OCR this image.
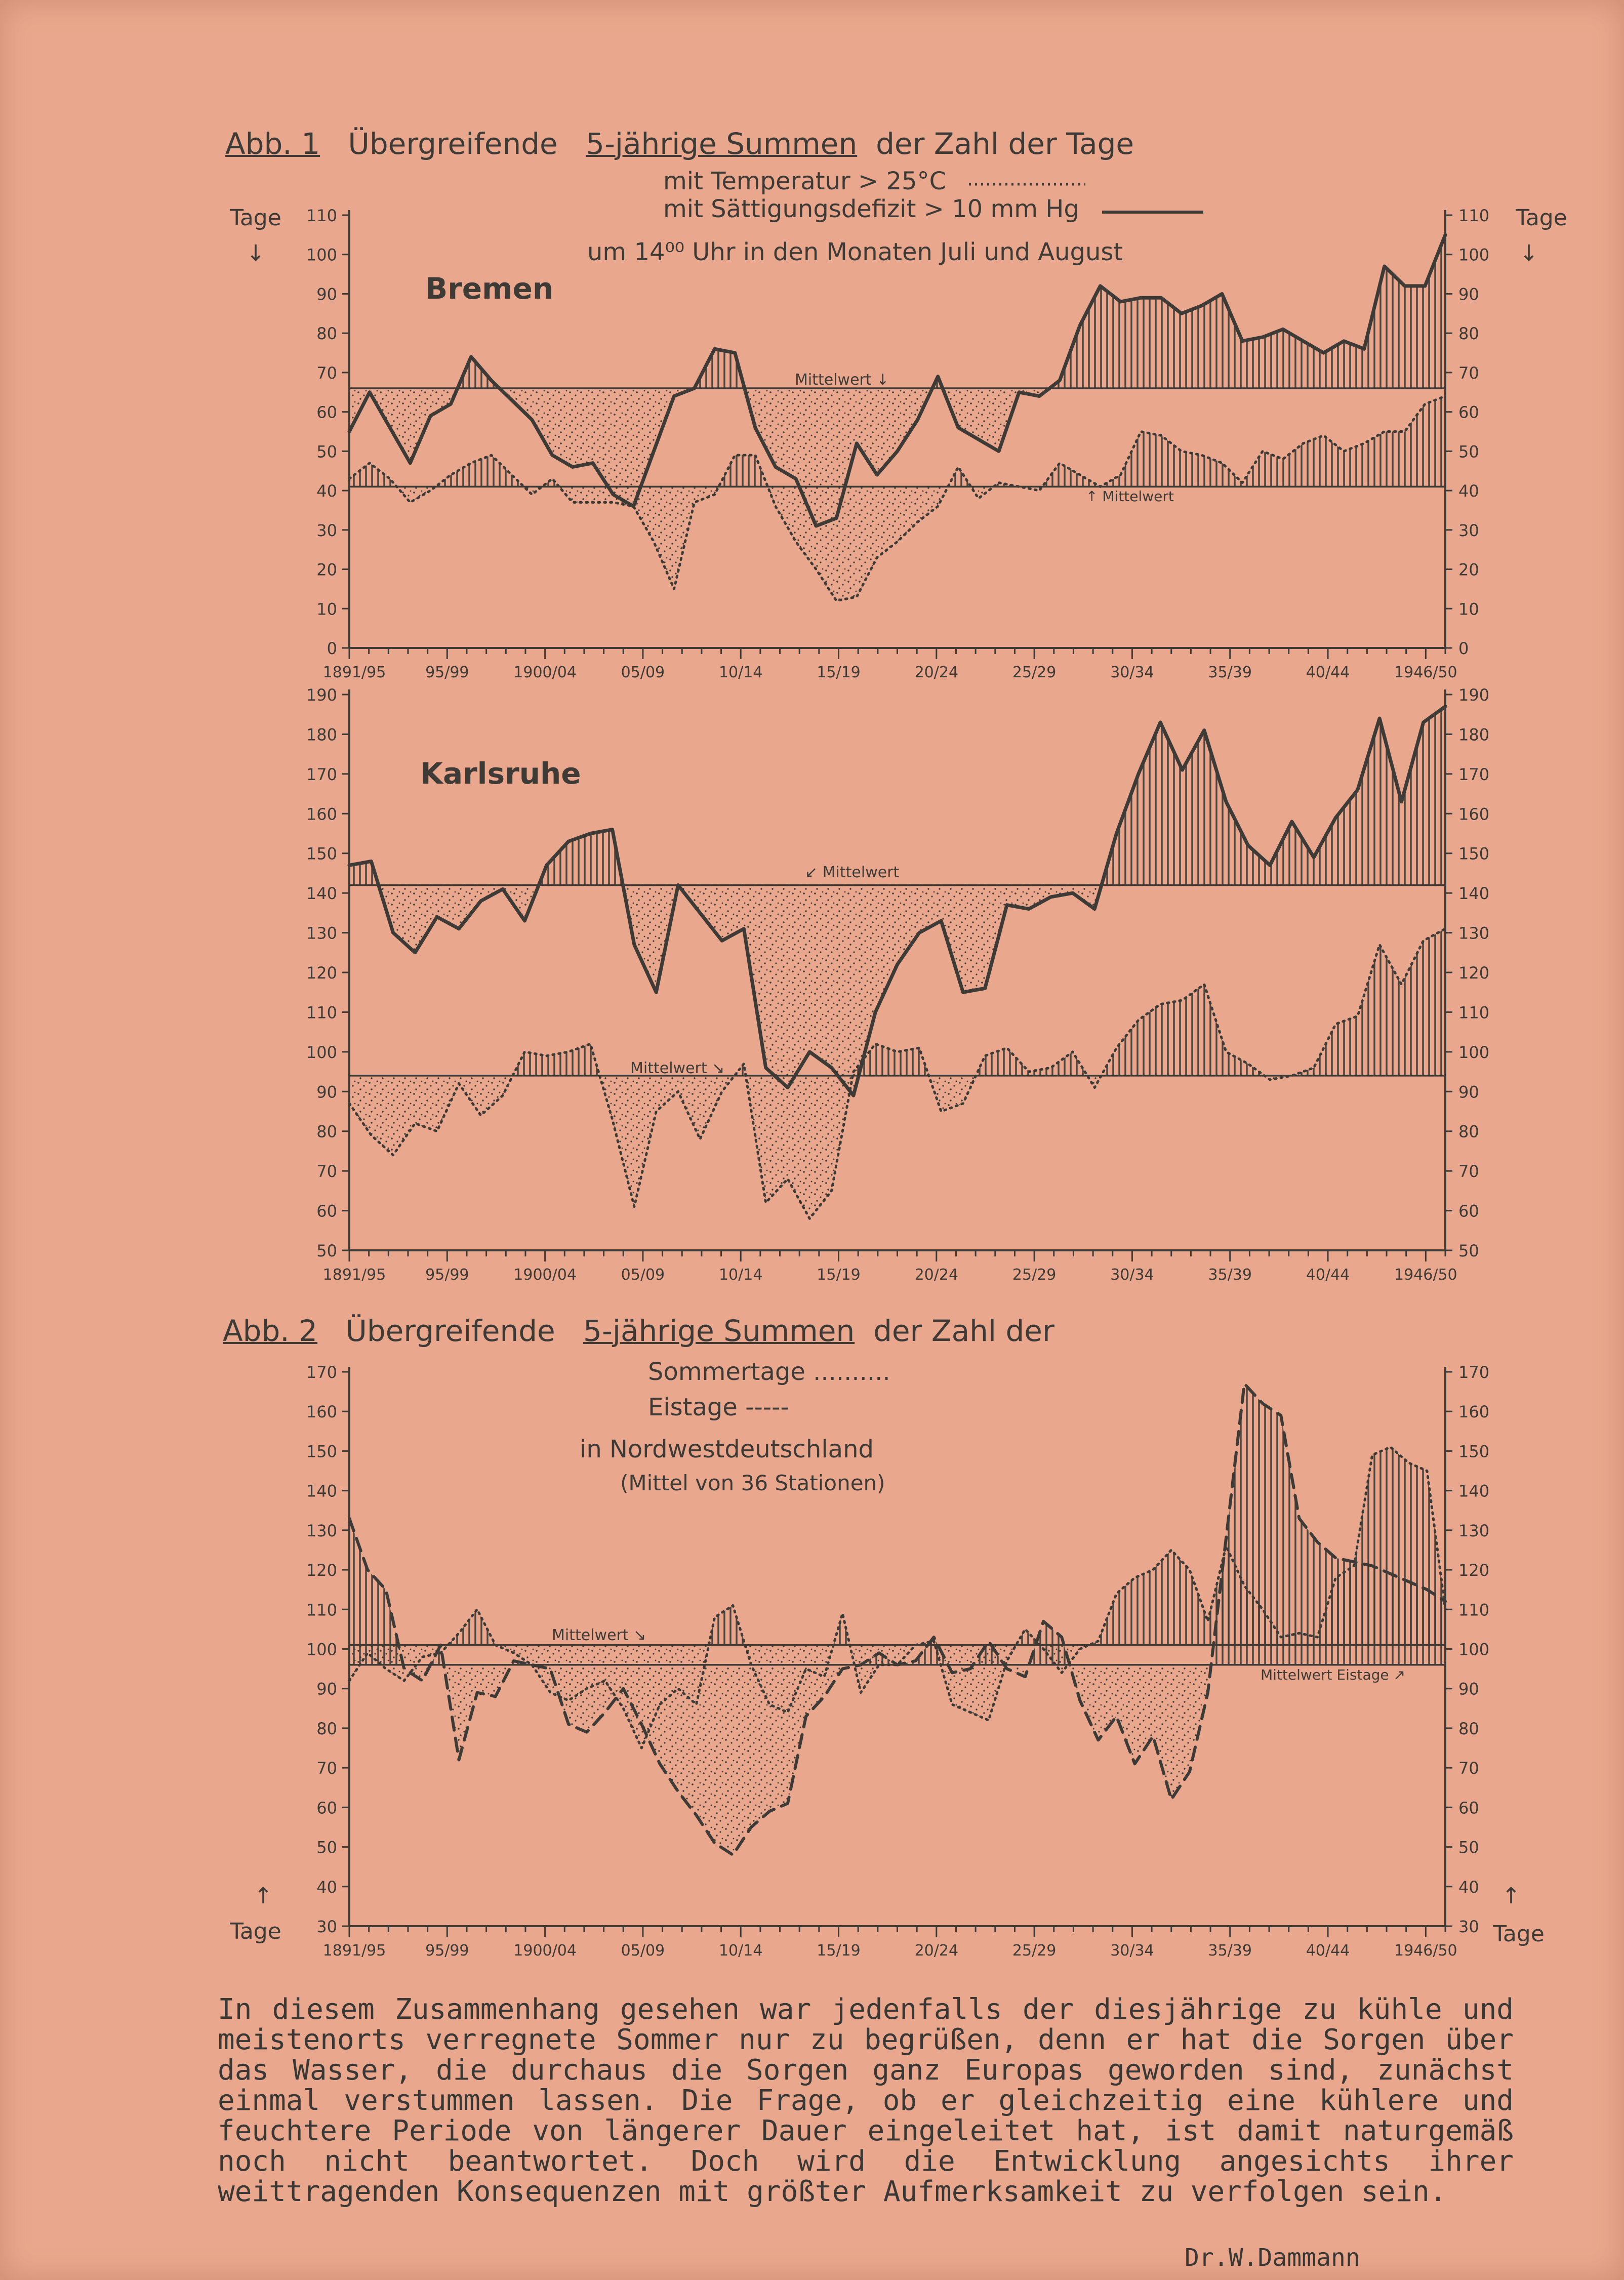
Abb. 1 Übergreifende 5-jährige Summen der Zahl der Tage
mit Temperatur > 25°C
mit Sättigungsdefizit > 10 mm Hg
um 14⁰⁰ Uhr in den Monaten Juli und August
Abb. 2 Übergreifende 5-jährige Summen der Zahl der
Sommertage ..........
Eistage -----
in Nordwestdeutschland
(Mittel von 36 Stationen)
0	0
10	10
20	20
30	30
40	40
50	50
60	60
70	70
80	80
90	90
100	100
110	110
1891/95	95/99	1900/04	05/09	10/14	15/19	20/24	25/29	30/34	35/39	40/44	1946/50
Bremen
Tage	Tage
↓	↓
Mittelwert ↓
↑ Mittelwert
50	50
60	60
70	70
80	80
90	90
100	100
110	110
120	120
130	130
140	140
150	150
160	160
170	170
180	180
190	190
1891/95	95/99	1900/04	05/09	10/14	15/19	20/24	25/29	30/34	35/39	40/44	1946/50
Karlsruhe
↙ Mittelwert
Mittelwert ↘
30	30
40	40
50	50
60	60
70	70
80	80
90	90
100	100
110	110
120	120
130	130
140	140
150	150
160	160
170	170
1891/95	95/99	1900/04	05/09	10/14	15/19	20/24	25/29	30/34	35/39	40/44	1946/50
Tage	Tage
↑	↑
Mittelwert ↘
Mittelwert Eistage ↗

In diesem Zusammenhang gesehen war jedenfalls der diesjährige zu kühle und meistenorts verregnete Sommer nur zu begrüßen, denn er hat die Sorgen über das Wasser, die durchaus die Sorgen ganz Europas geworden sind, zunächst einmal verstummen lassen. Die Frage, ob er gleichzeitig eine kühlere und feuchtere Periode von längerer Dauer eingeleitet hat, ist damit naturgemäß noch nicht beantwortet. Doch wird die Entwicklung angesichts ihrer weittragenden Konsequenzen mit größter Aufmerksamkeit zu verfolgen sein.

Dr.W.Dammann
